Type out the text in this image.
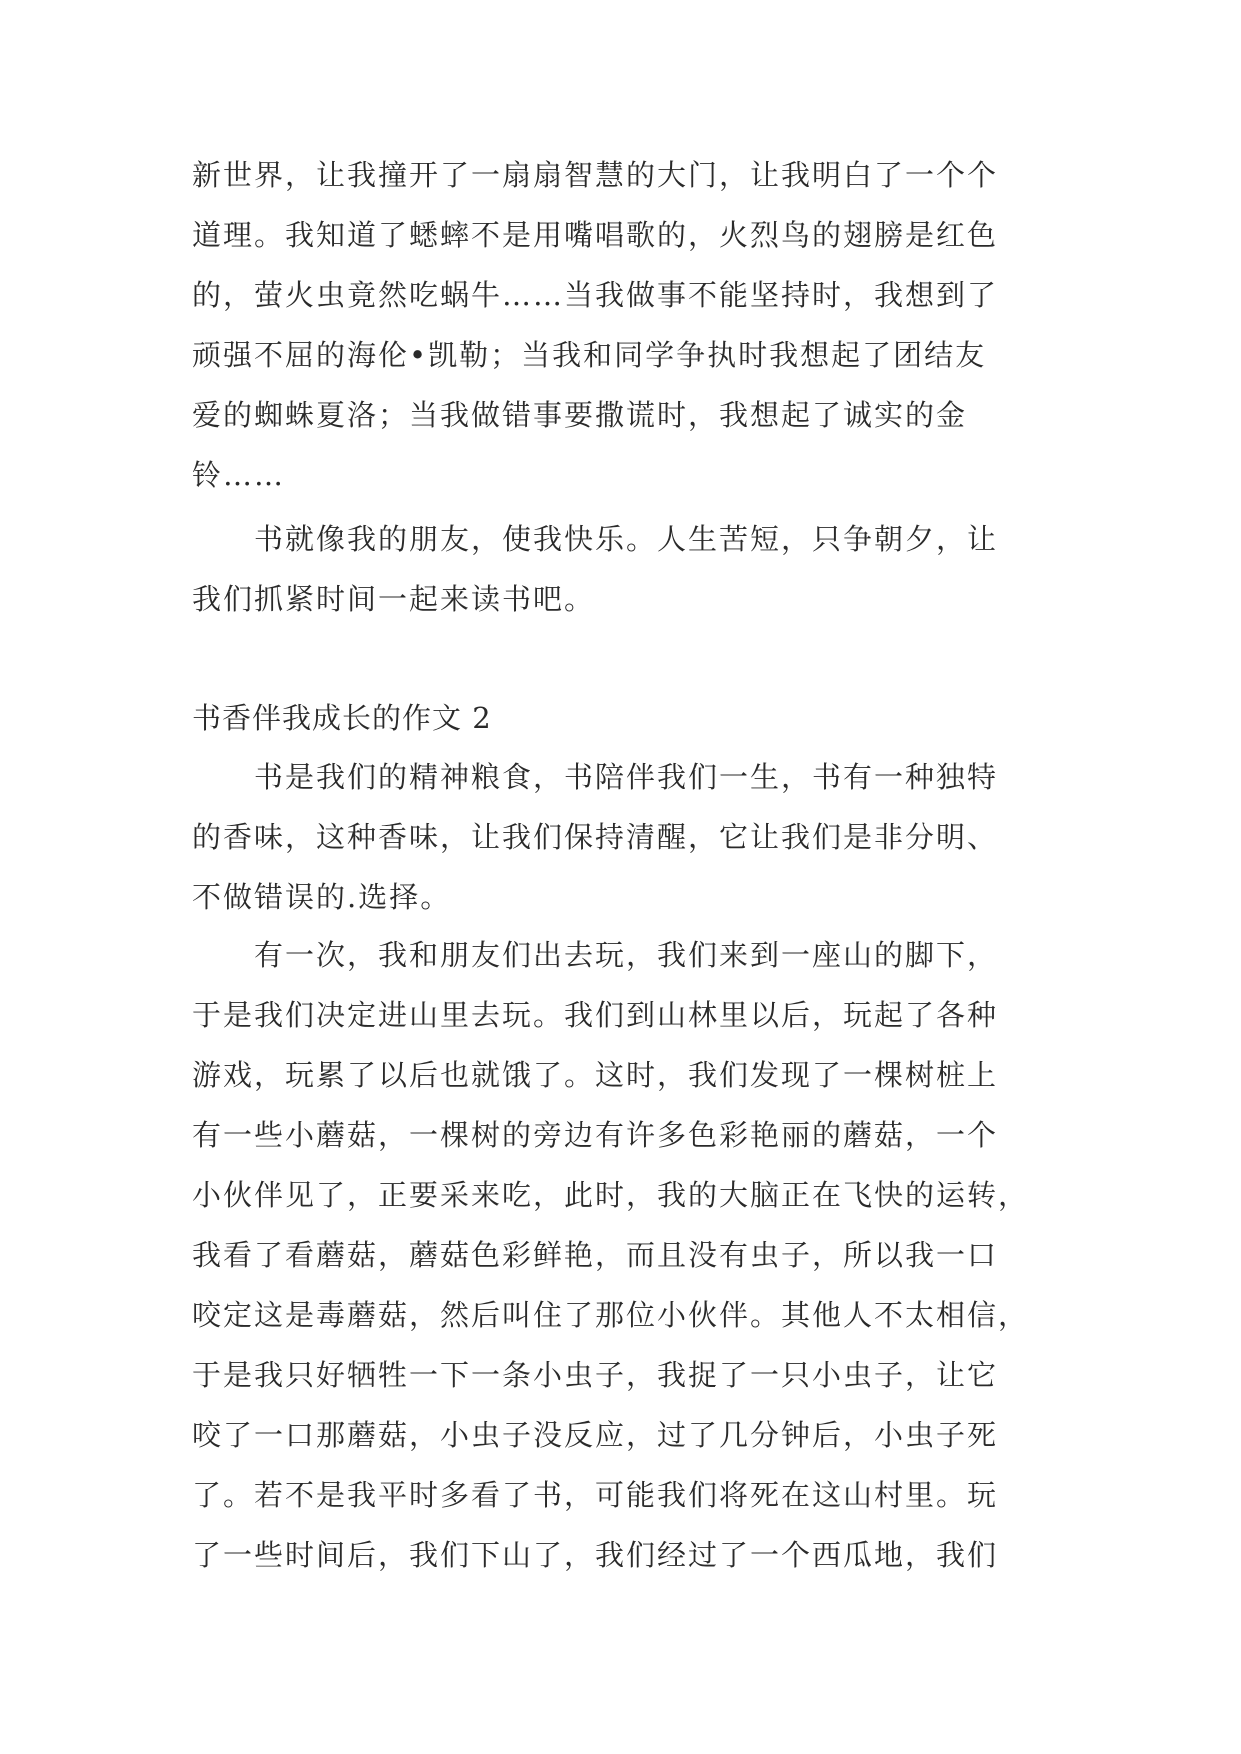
新世界，让我撞开了一扇扇智慧的大门，让我明白了一个个
道理。我知道了蟋蟀不是用嘴唱歌的，火烈鸟的翅膀是红色
的，萤火虫竟然吃蜗牛……当我做事不能坚持时，我想到了
顽强不屈的海伦•凯勒；当我和同学争执时我想起了团结友
爱的蜘蛛夏洛；当我做错事要撒谎时，我想起了诚实的金
铃……
书就像我的朋友，使我快乐。人生苦短，只争朝夕，让
我们抓紧时间一起来读书吧。
书香伴我成长的作文 2
书是我们的精神粮食，书陪伴我们一生，书有一种独特
的香味，这种香味，让我们保持清醒，它让我们是非分明、
不做错误的.选择。
有一次，我和朋友们出去玩，我们来到一座山的脚下，
于是我们决定进山里去玩。我们到山林里以后，玩起了各种
游戏，玩累了以后也就饿了。这时，我们发现了一棵树桩上
有一些小蘑菇，一棵树的旁边有许多色彩艳丽的蘑菇，一个
小伙伴见了，正要采来吃，此时，我的大脑正在飞快的运转，
我看了看蘑菇，蘑菇色彩鲜艳，而且没有虫子，所以我一口
咬定这是毒蘑菇，然后叫住了那位小伙伴。其他人不太相信，
于是我只好牺牲一下一条小虫子，我捉了一只小虫子，让它
咬了一口那蘑菇，小虫子没反应，过了几分钟后，小虫子死
了。若不是我平时多看了书，可能我们将死在这山村里。玩
了一些时间后，我们下山了，我们经过了一个西瓜地，我们
